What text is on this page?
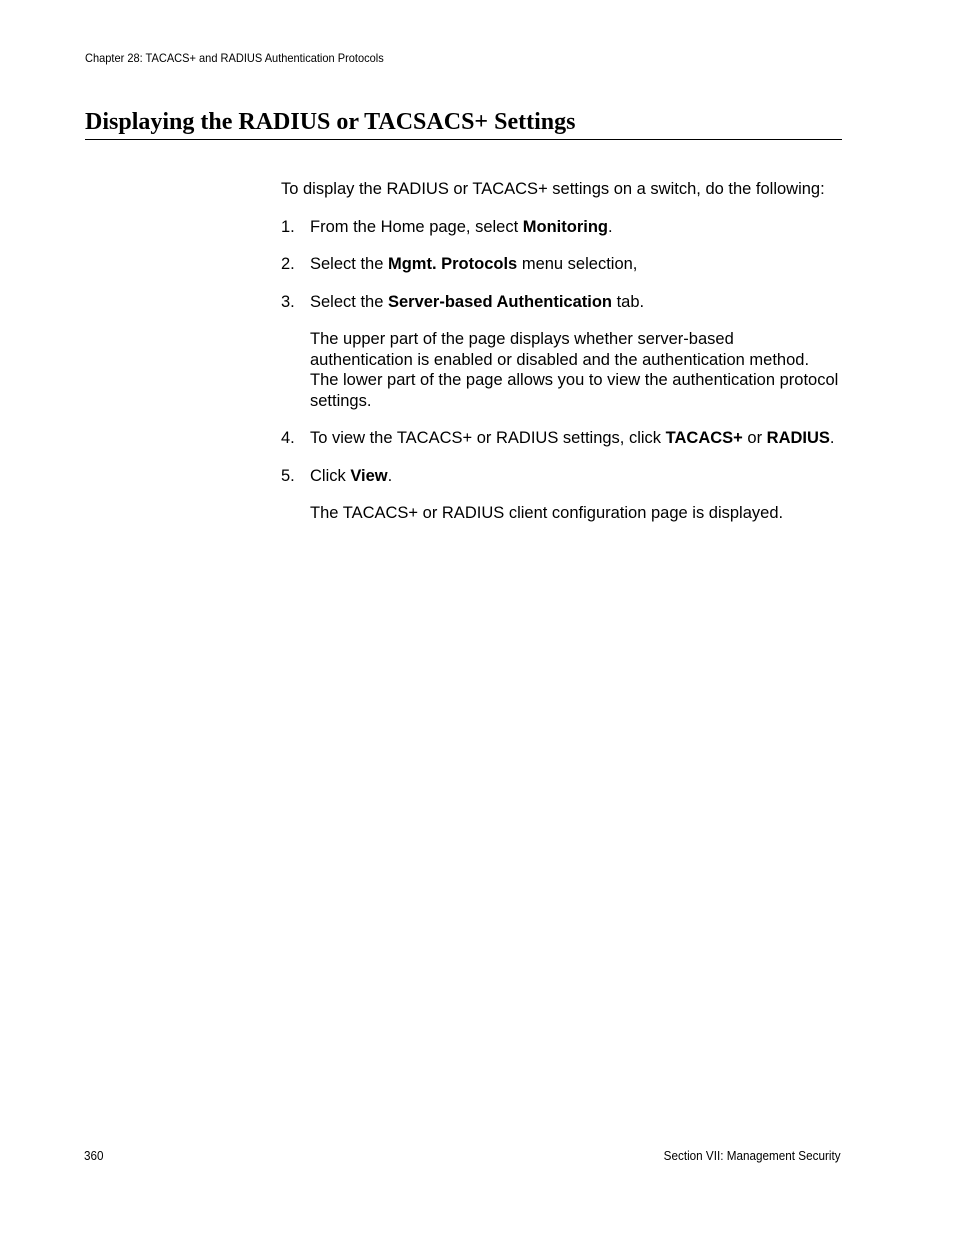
Chapter 28: TACACS+ and RADIUS Authentication Protocols
Displaying the RADIUS or TACSACS+ Settings

To display the RADIUS or TACACS+ settings on a switch, do the following:

1. From the Home page, select Monitoring.
2. Select the Mgmt. Protocols menu selection,
3. Select the Server-based Authentication tab.

The upper part of the page displays whether server-based authentication is enabled or disabled and the authentication method. The lower part of the page allows you to view the authentication protocol settings.

4. To view the TACACS+ or RADIUS settings, click TACACS+ or RADIUS.
5. Click View.

The TACACS+ or RADIUS client configuration page is displayed.

360	Section VII: Management Security
